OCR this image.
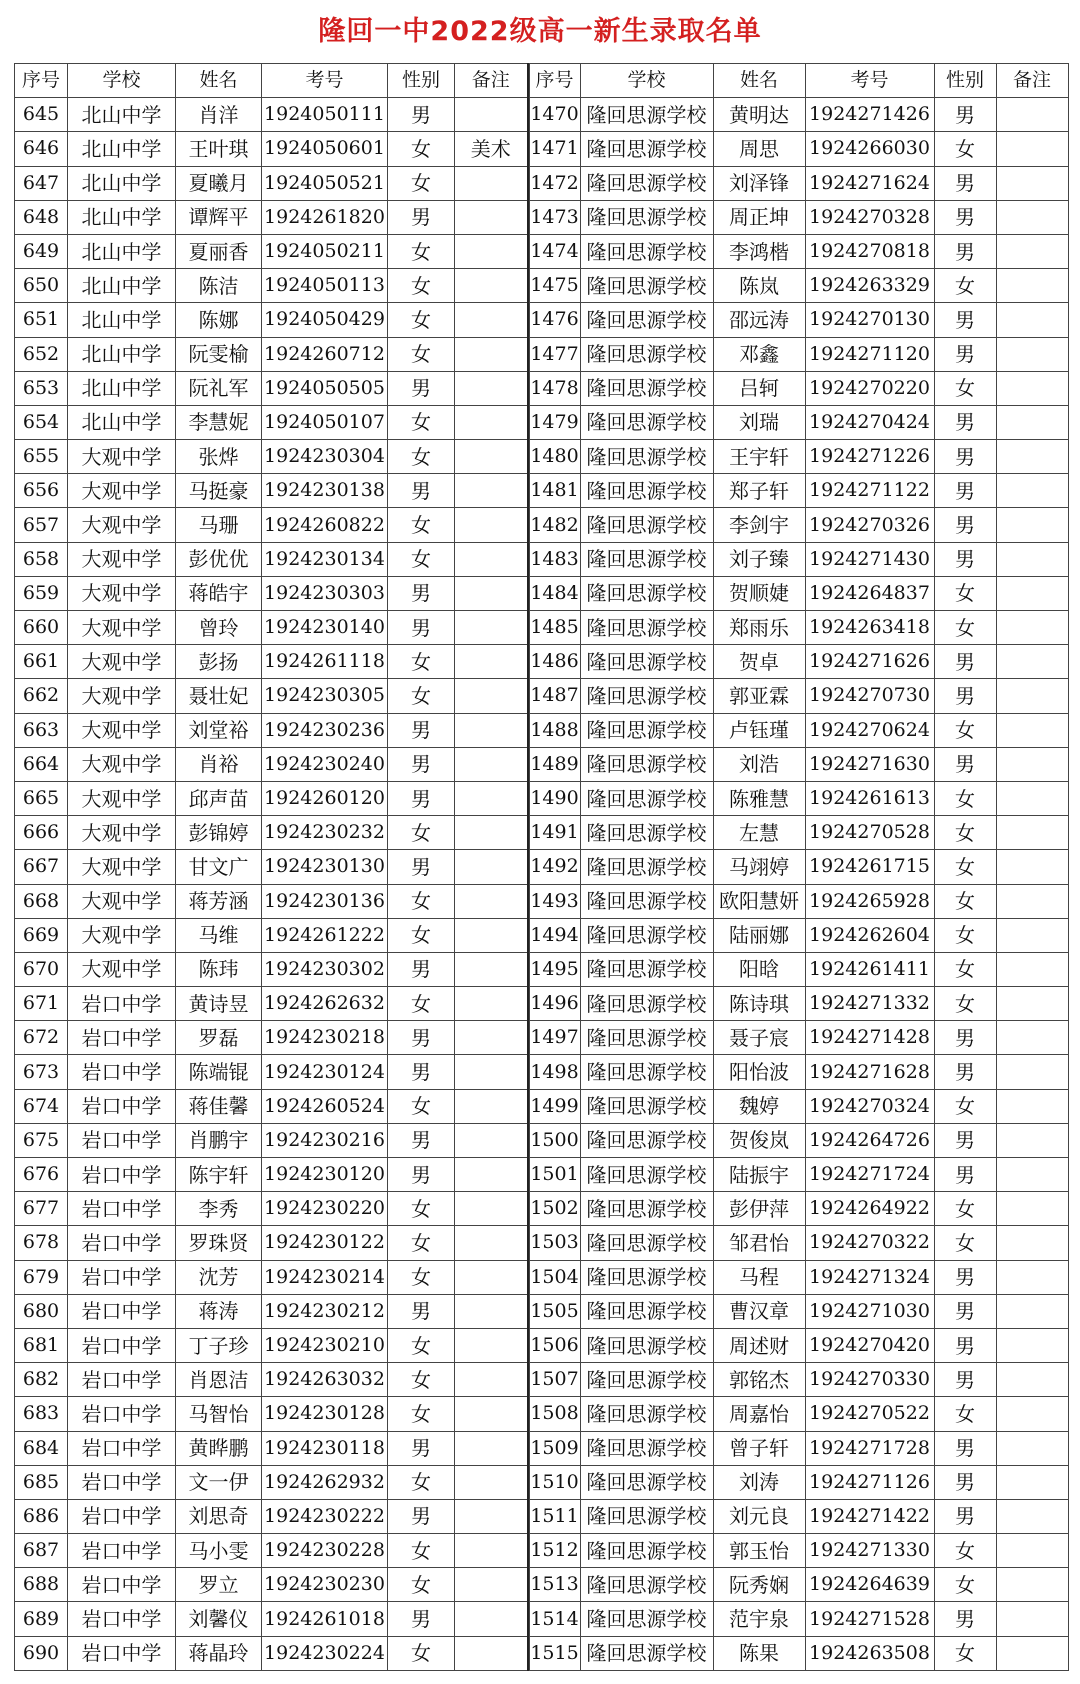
隆回一中2022级高一新生录取名单
序号	学校	姓名	考号	性别	备注
645	北山中学	肖洋	1924050111	男	
646	北山中学	王叶琪	1924050601	女	美术
647	北山中学	夏曦月	1924050521	女	
648	北山中学	谭辉平	1924261820	男	
649	北山中学	夏丽香	1924050211	女	
650	北山中学	陈洁	1924050113	女	
651	北山中学	陈娜	1924050429	女	
652	北山中学	阮雯榆	1924260712	女	
653	北山中学	阮礼军	1924050505	男	
654	北山中学	李慧妮	1924050107	女	
655	大观中学	张烨	1924230304	女	
656	大观中学	马挺豪	1924230138	男	
657	大观中学	马珊	1924260822	女	
658	大观中学	彭优优	1924230134	女	
659	大观中学	蒋皓宇	1924230303	男	
660	大观中学	曾玲	1924230140	男	
661	大观中学	彭扬	1924261118	女	
662	大观中学	聂壮妃	1924230305	女	
663	大观中学	刘堂裕	1924230236	男	
664	大观中学	肖裕	1924230240	男	
665	大观中学	邱声苗	1924260120	男	
666	大观中学	彭锦婷	1924230232	女	
667	大观中学	甘文广	1924230130	男	
668	大观中学	蒋芳涵	1924230136	女	
669	大观中学	马维	1924261222	女	
670	大观中学	陈玮	1924230302	男	
671	岩口中学	黄诗昱	1924262632	女	
672	岩口中学	罗磊	1924230218	男	
673	岩口中学	陈端锟	1924230124	男	
674	岩口中学	蒋佳馨	1924260524	女	
675	岩口中学	肖鹏宇	1924230216	男	
676	岩口中学	陈宇轩	1924230120	男	
677	岩口中学	李秀	1924230220	女	
678	岩口中学	罗珠贤	1924230122	女	
679	岩口中学	沈芳	1924230214	女	
680	岩口中学	蒋涛	1924230212	男	
681	岩口中学	丁子珍	1924230210	女	
682	岩口中学	肖恩洁	1924263032	女	
683	岩口中学	马智怡	1924230128	女	
684	岩口中学	黄晔鹏	1924230118	男	
685	岩口中学	文一伊	1924262932	女	
686	岩口中学	刘思奇	1924230222	男	
687	岩口中学	马小雯	1924230228	女	
688	岩口中学	罗立	1924230230	女	
689	岩口中学	刘馨仪	1924261018	男	
690	岩口中学	蒋晶玲	1924230224	女	
序号	学校	姓名	考号	性别	备注
1470	隆回思源学校	黄明达	1924271426	男	
1471	隆回思源学校	周思	1924266030	女	
1472	隆回思源学校	刘泽锋	1924271624	男	
1473	隆回思源学校	周正坤	1924270328	男	
1474	隆回思源学校	李鸿楷	1924270818	男	
1475	隆回思源学校	陈岚	1924263329	女	
1476	隆回思源学校	邵远涛	1924270130	男	
1477	隆回思源学校	邓鑫	1924271120	男	
1478	隆回思源学校	吕轲	1924270220	女	
1479	隆回思源学校	刘瑞	1924270424	男	
1480	隆回思源学校	王宇轩	1924271226	男	
1481	隆回思源学校	郑子轩	1924271122	男	
1482	隆回思源学校	李剑宇	1924270326	男	
1483	隆回思源学校	刘子臻	1924271430	男	
1484	隆回思源学校	贺顺婕	1924264837	女	
1485	隆回思源学校	郑雨乐	1924263418	女	
1486	隆回思源学校	贺卓	1924271626	男	
1487	隆回思源学校	郭亚霖	1924270730	男	
1488	隆回思源学校	卢钰瑾	1924270624	女	
1489	隆回思源学校	刘浩	1924271630	男	
1490	隆回思源学校	陈雅慧	1924261613	女	
1491	隆回思源学校	左慧	1924270528	女	
1492	隆回思源学校	马翊婷	1924261715	女	
1493	隆回思源学校	欧阳慧妍	1924265928	女	
1494	隆回思源学校	陆丽娜	1924262604	女	
1495	隆回思源学校	阳晗	1924261411	女	
1496	隆回思源学校	陈诗琪	1924271332	女	
1497	隆回思源学校	聂子宸	1924271428	男	
1498	隆回思源学校	阳怡波	1924271628	男	
1499	隆回思源学校	魏婷	1924270324	女	
1500	隆回思源学校	贺俊岚	1924264726	男	
1501	隆回思源学校	陆振宇	1924271724	男	
1502	隆回思源学校	彭伊萍	1924264922	女	
1503	隆回思源学校	邹君怡	1924270322	女	
1504	隆回思源学校	马程	1924271324	男	
1505	隆回思源学校	曹汉章	1924271030	男	
1506	隆回思源学校	周述财	1924270420	男	
1507	隆回思源学校	郭铭杰	1924270330	男	
1508	隆回思源学校	周嘉怡	1924270522	女	
1509	隆回思源学校	曾子轩	1924271728	男	
1510	隆回思源学校	刘涛	1924271126	男	
1511	隆回思源学校	刘元良	1924271422	男	
1512	隆回思源学校	郭玉怡	1924271330	女	
1513	隆回思源学校	阮秀娴	1924264639	女	
1514	隆回思源学校	范宇泉	1924271528	男	
1515	隆回思源学校	陈果	1924263508	女	
